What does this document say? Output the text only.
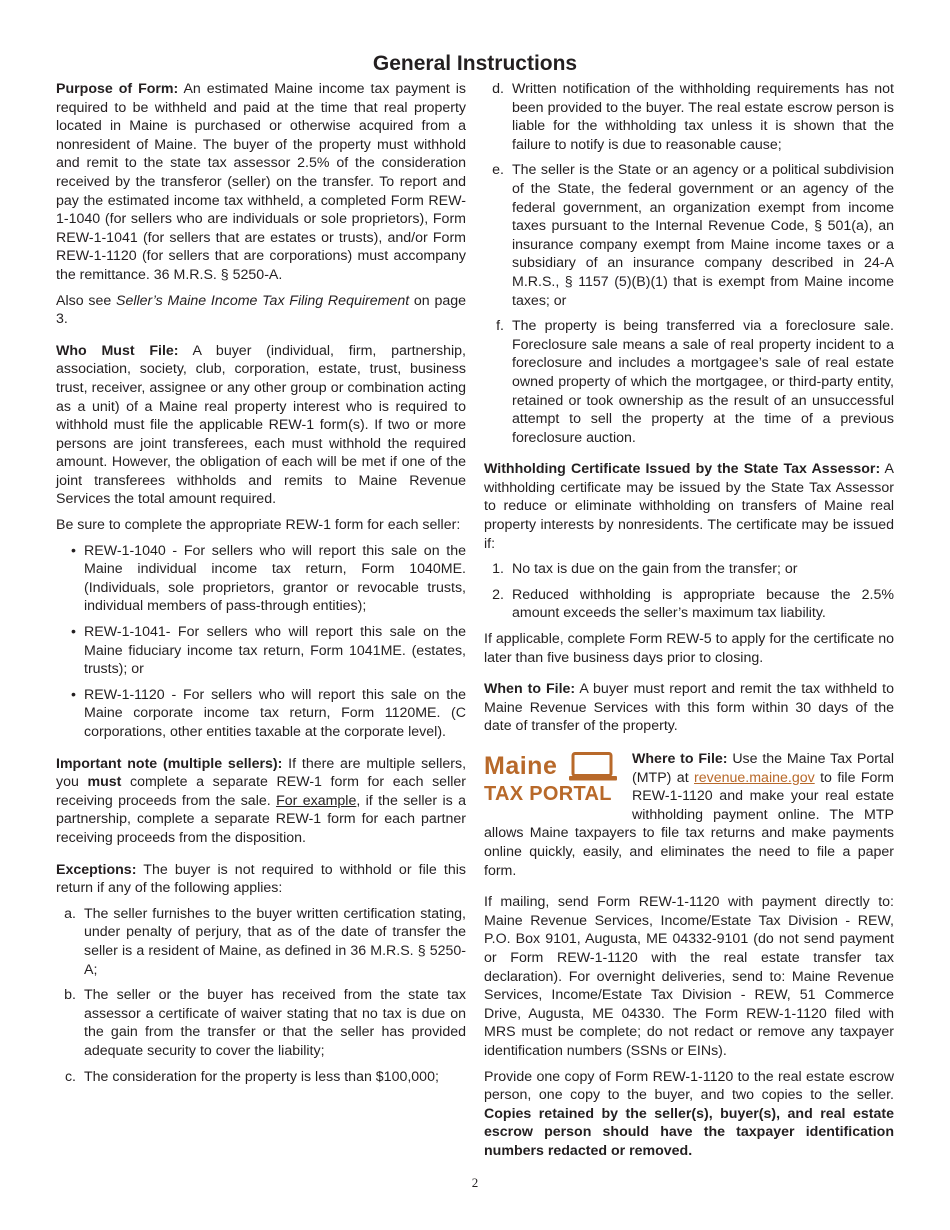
General Instructions

Purpose of Form: An estimated Maine income tax payment is required to be withheld and paid at the time that real property located in Maine is purchased or otherwise acquired from a nonresident of Maine. The buyer of the property must withhold and remit to the state tax assessor 2.5% of the consideration received by the transferor (seller) on the transfer. To report and pay the estimated income tax withheld, a completed Form REW-1-1040 (for sellers who are individuals or sole proprietors), Form REW-1-1041 (for sellers that are estates or trusts), and/or Form REW-1-1120 (for sellers that are corporations) must accompany the remittance. 36 M.R.S. § 5250-A.

Also see Seller’s Maine Income Tax Filing Requirement on page 3.

Who Must File: A buyer (individual, firm, partnership, association, society, club, corporation, estate, trust, business trust, receiver, assignee or any other group or combination acting as a unit) of a Maine real property interest who is required to withhold must file the applicable REW-1 form(s). If two or more persons are joint transferees, each must withhold the required amount. However, the obligation of each will be met if one of the joint transferees withholds and remits to Maine Revenue Services the total amount required.

Be sure to complete the appropriate REW-1 form for each seller:

• REW-1-1040 - For sellers who will report this sale on the Maine individual income tax return, Form 1040ME. (Individuals, sole proprietors, grantor or revocable trusts, individual members of pass-through entities);
• REW-1-1041- For sellers who will report this sale on the Maine fiduciary income tax return, Form 1041ME. (estates, trusts); or
• REW-1-1120 - For sellers who will report this sale on the Maine corporate income tax return, Form 1120ME. (C corporations, other entities taxable at the corporate level).

Important note (multiple sellers): If there are multiple sellers, you must complete a separate REW-1 form for each seller receiving proceeds from the sale. For example, if the seller is a partnership, complete a separate REW-1 form for each partner receiving proceeds from the disposition.

Exceptions: The buyer is not required to withhold or file this return if any of the following applies:

a. The seller furnishes to the buyer written certification stating, under penalty of perjury, that as of the date of transfer the seller is a resident of Maine, as defined in 36 M.R.S. § 5250-A;
b. The seller or the buyer has received from the state tax assessor a certificate of waiver stating that no tax is due on the gain from the transfer or that the seller has provided adequate security to cover the liability;
c. The consideration for the property is less than $100,000;
d. Written notification of the withholding requirements has not been provided to the buyer. The real estate escrow person is liable for the withholding tax unless it is shown that the failure to notify is due to reasonable cause;
e. The seller is the State or an agency or a political subdivision of the State, the federal government or an agency of the federal government, an organization exempt from income taxes pursuant to the Internal Revenue Code, § 501(a), an insurance company exempt from Maine income taxes or a subsidiary of an insurance company described in 24-A M.R.S., § 1157 (5)(B)(1) that is exempt from Maine income taxes; or
f. The property is being transferred via a foreclosure sale. Foreclosure sale means a sale of real property incident to a foreclosure and includes a mortgagee’s sale of real estate owned property of which the mortgagee, or third-party entity, retained or took ownership as the result of an unsuccessful attempt to sell the property at the time of a previous foreclosure auction.

Withholding Certificate Issued by the State Tax Assessor: A withholding certificate may be issued by the State Tax Assessor to reduce or eliminate withholding on transfers of Maine real property interests by nonresidents. The certificate may be issued if:

1. No tax is due on the gain from the transfer; or
2. Reduced withholding is appropriate because the 2.5% amount exceeds the seller’s maximum tax liability.

If applicable, complete Form REW-5 to apply for the certificate no later than five business days prior to closing.

When to File: A buyer must report and remit the tax withheld to Maine Revenue Services with this form within 30 days of the date of transfer of the property.

Maine
TAX PORTAL

Where to File: Use the Maine Tax Portal (MTP) at revenue.maine.gov to file Form REW-1-1120 and make your real estate withholding payment online. The MTP allows Maine taxpayers to file tax returns and make payments online quickly, easily, and eliminates the need to file a paper form.

If mailing, send Form REW-1-1120 with payment directly to: Maine Revenue Services, Income/Estate Tax Division - REW, P.O. Box 9101, Augusta, ME 04332-9101 (do not send payment or Form REW-1-1120 with the real estate transfer tax declaration). For overnight deliveries, send to: Maine Revenue Services, Income/Estate Tax Division - REW, 51 Commerce Drive, Augusta, ME 04330. The Form REW-1-1120 filed with MRS must be complete; do not redact or remove any taxpayer identification numbers (SSNs or EINs).

Provide one copy of Form REW-1-1120 to the real estate escrow person, one copy to the buyer, and two copies to the seller. Copies retained by the seller(s), buyer(s), and real estate escrow person should have the taxpayer identification numbers redacted or removed.

2
